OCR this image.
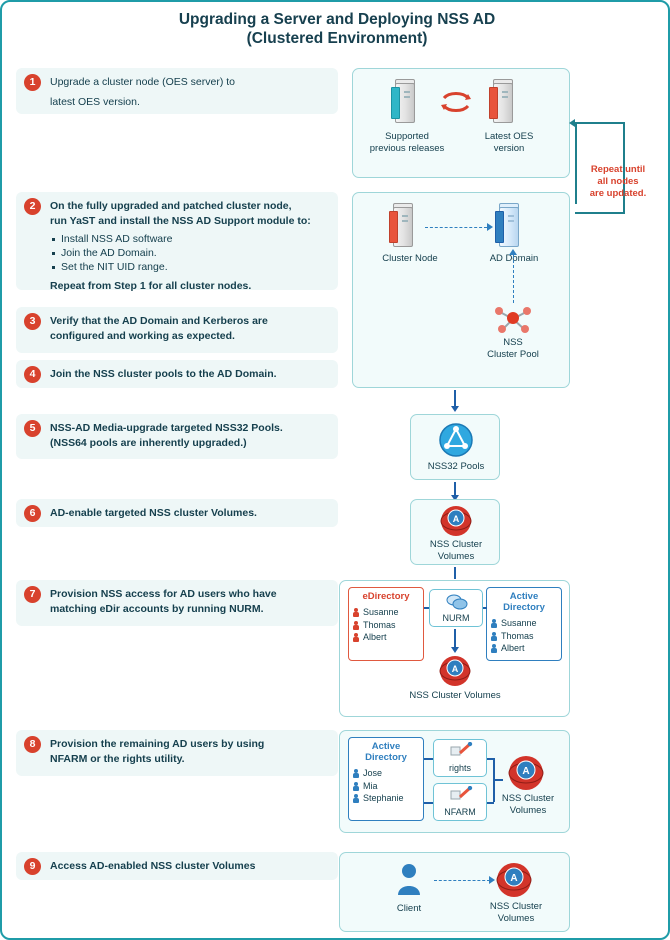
Upgrading a Server and Deploying NSS AD
(Clustered Environment)
1	Upgrade a cluster node (OES server) to
latest OES version.
2	On the fully upgraded and patched cluster node,
run YaST and install the NSS AD Support module to:
Install NSS AD software
Join the AD Domain.
Set the NIT UID range.
Repeat from Step 1 for all cluster nodes.
3	Verify that the AD Domain and Kerberos are
configured and working as expected.
4	Join the NSS cluster pools to the AD Domain.
5	NSS-AD Media-upgrade targeted NSS32 Pools.
(NSS64 pools are inherently upgraded.)
6	AD-enable targeted NSS cluster Volumes.
7	Provision NSS access for AD users who have
matching eDir accounts by running NURM.
8	Provision the remaining AD users by using
NFARM or the rights utility.
9	Access AD-enabled NSS cluster Volumes
Supported
previous releases
Latest OES
version
Repeat until
all nodes
are updated.
Cluster Node	AD Domain
NSS
Cluster Pool
NSS32 Pools
A
NSS Cluster
Volumes
eDirectory
Susanne
Thomas
Albert
Active
Directory
Susanne
Thomas
Albert
NURM
A
NSS Cluster Volumes
Active
Directory
Jose
Mia
Stephanie
rights
NFARM
A
NSS Cluster
Volumes
Client
A
NSS Cluster
Volumes
